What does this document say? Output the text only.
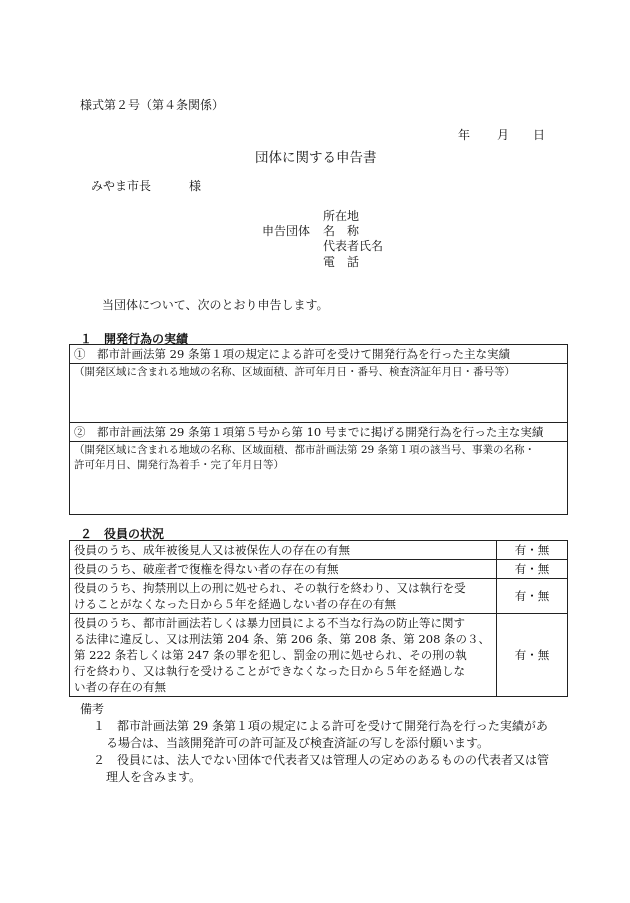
様式第２号（第４条関係）
年 月 日
団体に関する申告書
みやま市長	様
所在地
申告団体 名　称
代表者氏名
電　話
当団体について、次のとおり申告します。
１　開発行為の実績
①　都市計画法第 29 条第１項の規定による許可を受けて開発行為を行った主な実績
（開発区域に含まれる地域の名称、区域面積、許可年月日・番号、検査済証年月日・番号等）
②　都市計画法第 29 条第１項第５号から第 10 号までに掲げる開発行為を行った主な実績

（開発区域に含まれる地域の名称、区域面積、都市計画法第 29 条第１項の該当号、事業の名称・
許可年月日、開発行為着手・完了年月日等）
２　役員の状況
役員のうち、成年被後見人又は被保佐人の存在の有無	有・無

役員のうち、破産者で復権を得ない者の存在の有無	有・無

役員のうち、拘禁刑以上の刑に処せられ、その執行を終わり、又は執行を受
けることがなくなった日から５年を経過しない者の存在の有無	有・無

役員のうち、都市計画法若しくは暴力団員による不当な行為の防止等に関す
る法律に違反し、又は刑法第 204 条、第 206 条、第 208 条、第 208 条の３、
第 222 条若しくは第 247 条の罪を犯し、罰金の刑に処せられ、その刑の執
行を終わり、又は執行を受けることができなくなった日から５年を経過しな
い者の存在の有無	有・無
備考
１　都市計画法第 29 条第１項の規定による許可を受けて開発行為を行った実績があ
る場合は、当該開発許可の許可証及び検査済証の写しを添付願います。
２　役員には、法人でない団体で代表者又は管理人の定めのあるものの代表者又は管
理人を含みます。
